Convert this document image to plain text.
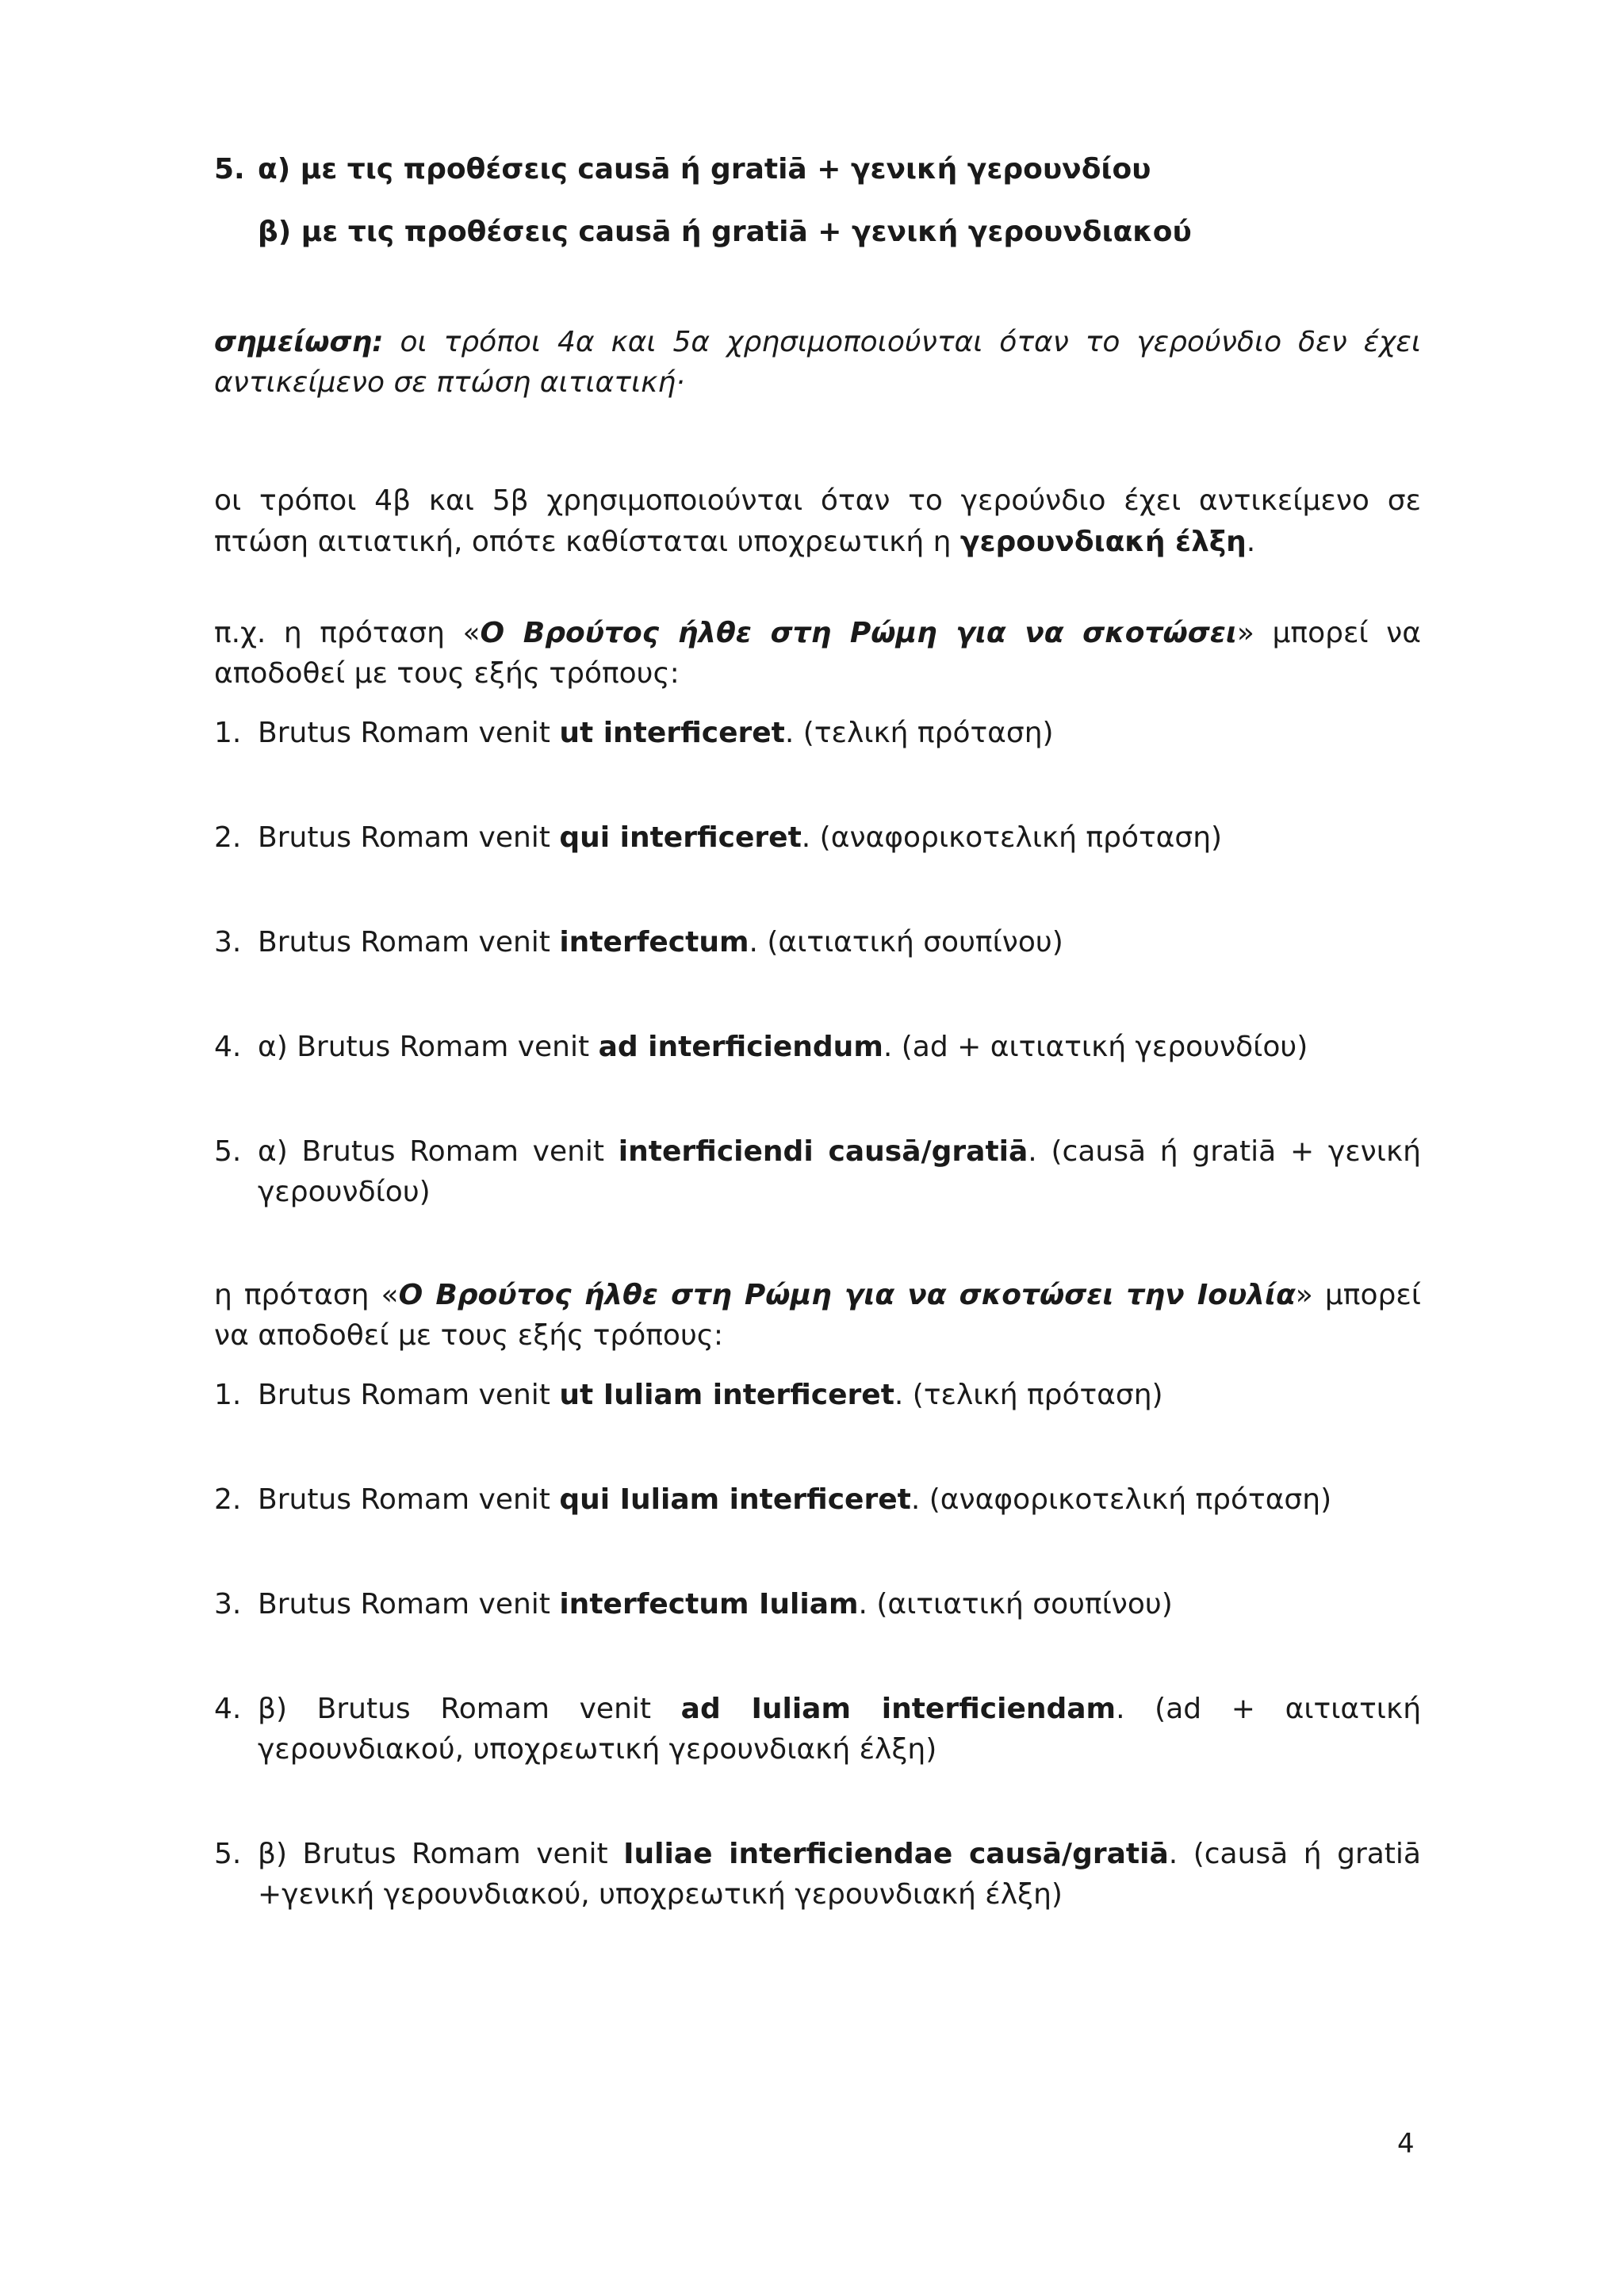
5. α) με τις προθέσεις causā ή gratiā + γενική γερουνδίου
β) με τις προθέσεις causā ή gratiā + γενική γερουνδιακού

σημείωση: οι τρόποι 4α και 5α χρησιμοποιούνται όταν το γερούνδιο δεν έχει αντικείμενο σε πτώση αιτιατική·

οι τρόποι 4β και 5β χρησιμοποιούνται όταν το γερούνδιο έχει αντικείμενο σε πτώση αιτιατική, οπότε καθίσταται υποχρεωτική η γερουνδιακή έλξη.

π.χ. η πρόταση «Ο Βρούτος ήλθε στη Ρώμη για να σκοτώσει» μπορεί να αποδοθεί με τους εξής τρόπους:

1. Brutus Romam venit ut interficeret. (τελική πρόταση)
2. Brutus Romam venit qui interficeret. (αναφορικοτελική πρόταση)
3. Brutus Romam venit interfectum. (αιτιατική σουπίνου)
4. α) Brutus Romam venit ad interficiendum. (ad + αιτιατική γερουνδίου)
5. α) Brutus Romam venit interficiendi causā/gratiā. (causā ή gratiā + γενική γερουνδίου)

η πρόταση «Ο Βρούτος ήλθε στη Ρώμη για να σκοτώσει την Ιουλία» μπορεί να αποδοθεί με τους εξής τρόπους:

1. Brutus Romam venit ut Iuliam interficeret. (τελική πρόταση)
2. Brutus Romam venit qui Iuliam interficeret. (αναφορικοτελική πρόταση)
3. Brutus Romam venit interfectum Iuliam. (αιτιατική σουπίνου)
4. β) Brutus Romam venit ad Iuliam interficiendam. (ad + αιτιατική γερουνδιακού, υποχρεωτική γερουνδιακή έλξη)
5. β) Brutus Romam venit Iuliae interficiendae causā/gratiā. (causā ή gratiā +γενική γερουνδιακού, υποχρεωτική γερουνδιακή έλξη)
4
